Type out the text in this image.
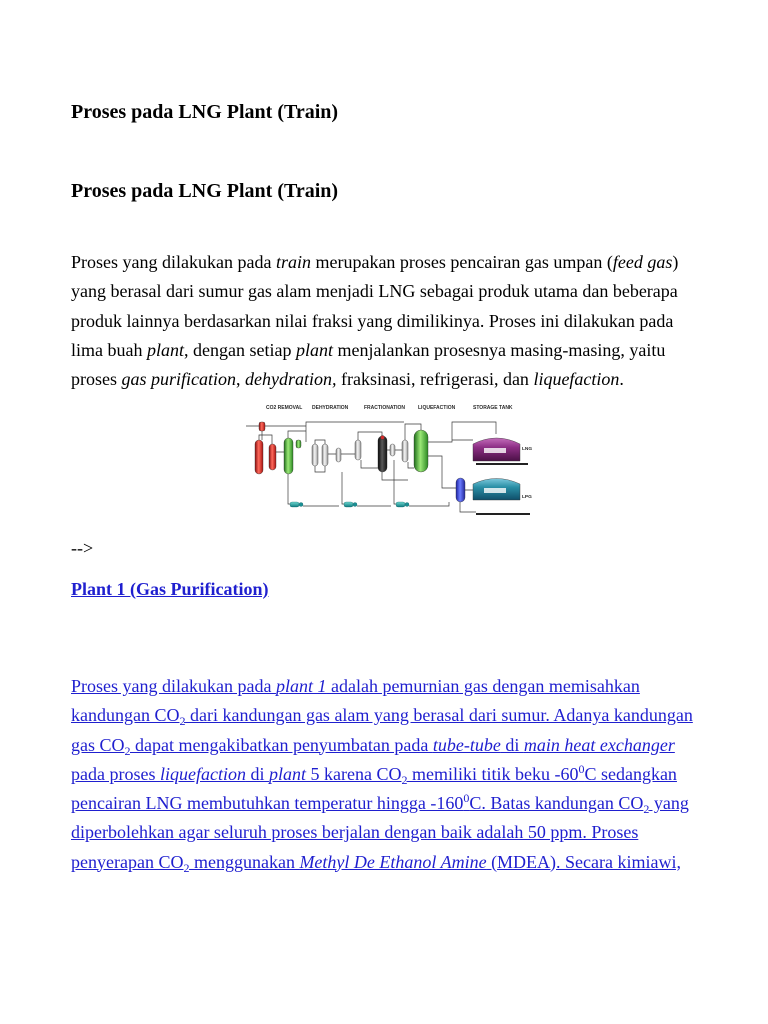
Proses pada LNG Plant (Train)
Proses pada LNG Plant (Train)
Proses yang dilakukan pada train merupakan proses pencairan gas umpan (feed gas)
yang berasal dari sumur gas alam menjadi LNG sebagai produk utama dan beberapa
produk lainnya berdasarkan nilai fraksi yang dimilikinya. Proses ini dilakukan pada
lima buah plant, dengan setiap plant menjalankan prosesnya masing-masing, yaitu
proses gas purification, dehydration, fraksinasi, refrigerasi, dan liquefaction.
CO2 REMOVAL DEHYDRATION	FRACTIONATION	LIQUEFACTION	STORAGE TANK
LNG
LPG
-->
Plant 1 (Gas Purification)
Proses yang dilakukan pada plant 1 adalah pemurnian gas dengan memisahkan
kandungan $CO_2$ dari kandungan gas alam yang berasal dari sumur. Adanya kandungan
gas $CO_2$ dapat mengakibatkan penyumbatan pada tube-tube di main heat exchanger
pada proses liquefaction di plant 5 karena $CO_2$ memiliki titik beku $-60^0C$ sedangkan
pencairan LNG membutuhkan temperatur hingga $-160^0C$. Batas kandungan $CO_2$ yang
diperbolehkan agar seluruh proses berjalan dengan baik adalah 50 ppm. Proses
penyerapan $CO_2$ menggunakan Methyl De Ethanol Amine (MDEA). Secara kimiawi,
